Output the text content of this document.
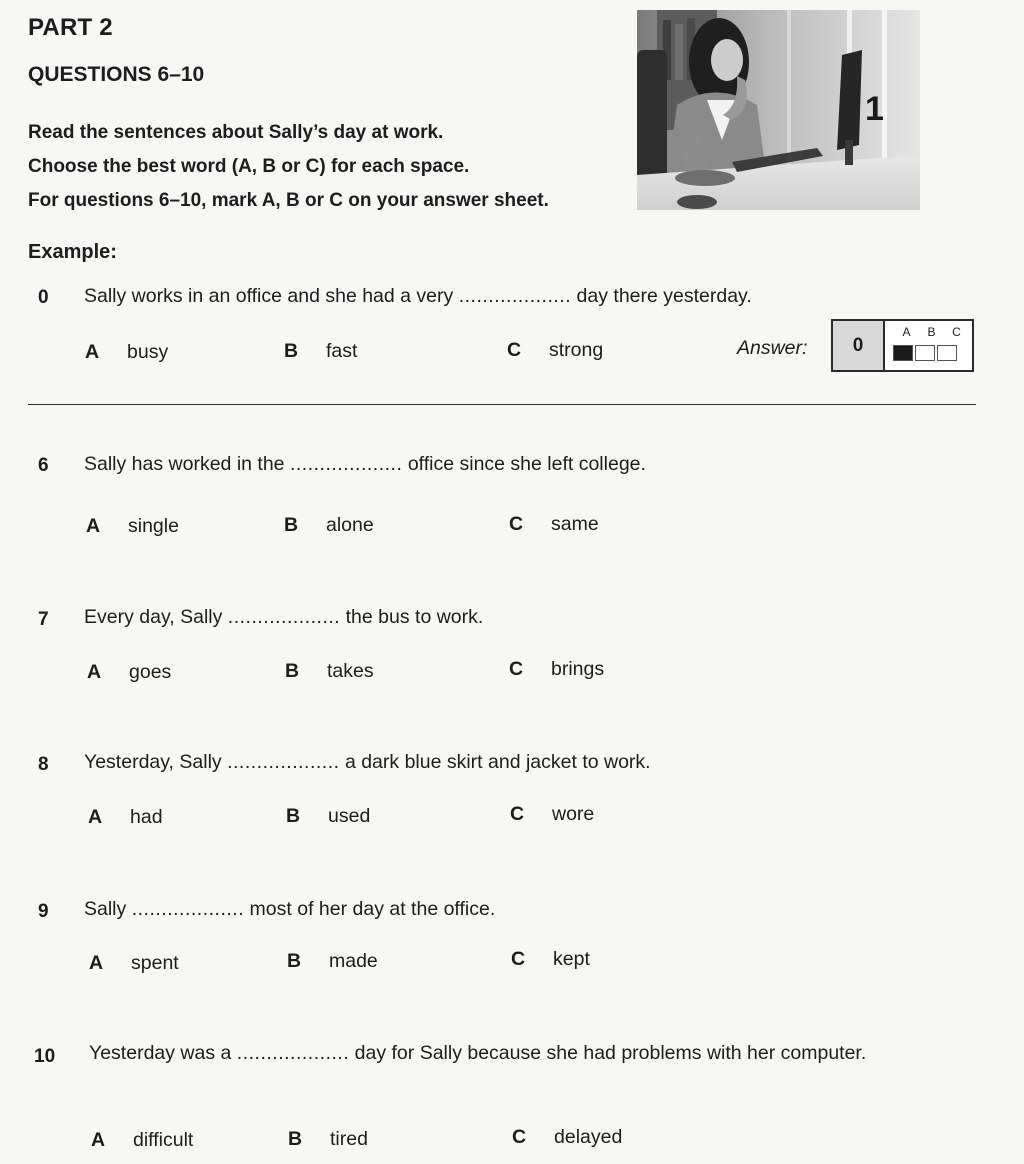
PART 2
QUESTIONS 6–10
Read the sentences about Sally’s day at work.
Choose the best word (A, B or C) for each space.
For questions 6–10, mark A, B or C on your answer sheet.
1
Example:
0 Sally works in an office and she had a very ................... day there yesterday.
A busy	B fast	C strong	Answer:	0
A B C
6 Sally has worked in the ................... office since she left college.
A single	B alone	C same
7 Every day, Sally ................... the bus to work.
A goes	B takes	C brings
8 Yesterday, Sally ................... a dark blue skirt and jacket to work.
A had	B used	C wore
9 Sally ................... most of her day at the office.
A spent	B made	C kept
10 Yesterday was a ................... day for Sally because she had problems with her computer.
A difficult	B tired	C delayed
